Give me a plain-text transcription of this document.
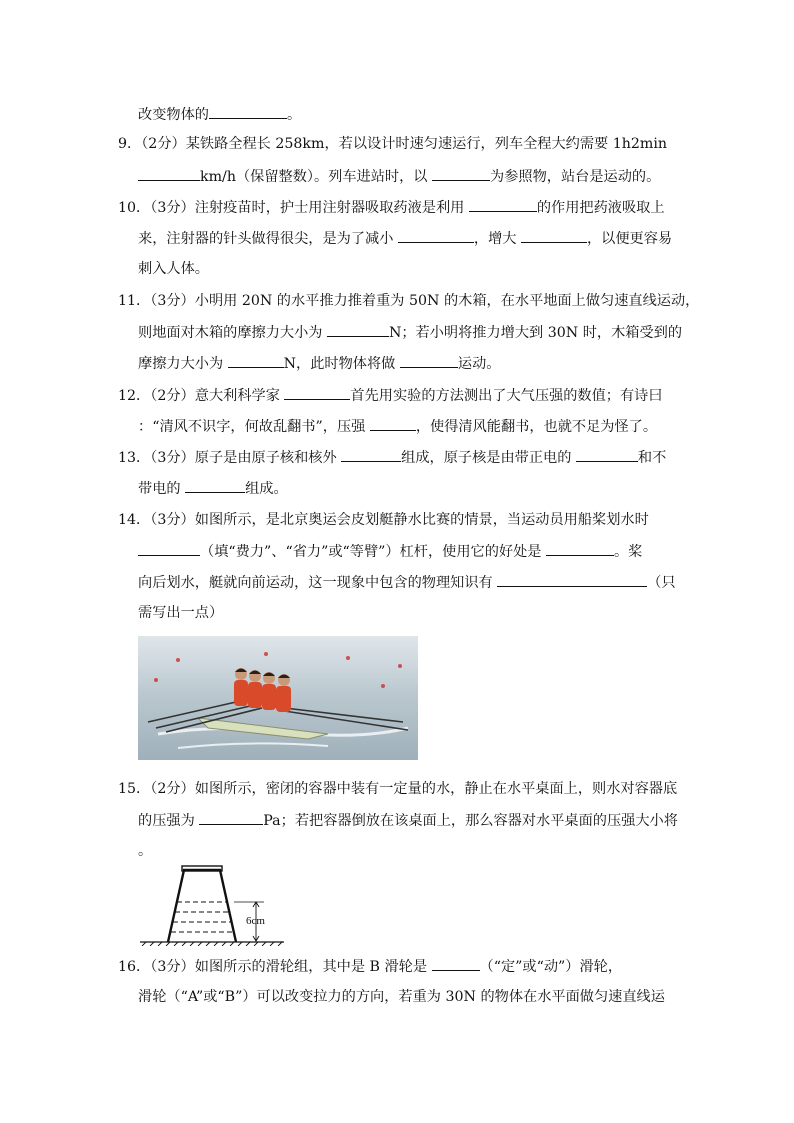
改变物体的	。
9．（2分）某铁路全程长 258km，若以设计时速匀速运行，列车全程大约需要 1h2min
km/h（保留整数）。列车进站时，以	为参照物，站台是运动的。
10．（3分）注射疫苗时，护士用注射器吸取药液是利用	的作用把药液吸取上
来，注射器的针头做得很尖，是为了减小	，增大	，以便更容易
刺入人体。
11．（3分）小明用 20N 的水平推力推着重为 50N 的木箱，在水平地面上做匀速直线运动，
则地面对木箱的摩擦力大小为	N；若小明将推力增大到 30N 时，木箱受到的
摩擦力大小为	N，此时物体将做	运动。
12．（2分）意大利科学家	首先用实验的方法测出了大气压强的数值；有诗曰
：“清风不识字，何故乱翻书”，压强	，使得清风能翻书，也就不足为怪了。
13．（3分）原子是由原子核和核外	组成，原子核是由带正电的	和不
带电的	组成。
14．（3分）如图所示，是北京奥运会皮划艇静水比赛的情景，当运动员用船桨划水时
（填“费力”、“省力”或“等臂”）杠杆，使用它的好处是	。桨
向后划水，艇就向前运动，这一现象中包含的物理知识有	（只
需写出一点）
15．（2分）如图所示，密闭的容器中装有一定量的水，静止在水平桌面上，则水对容器底
的压强为	Pa；若把容器倒放在该桌面上，那么容器对水平桌面的压强大小将
。
6cm
16．（3分）如图所示的滑轮组，其中是 B 滑轮是	（“定”或“动”）滑轮，
滑轮（“A”或“B”）可以改变拉力的方向，若重为 30N 的物体在水平面做匀速直线运
